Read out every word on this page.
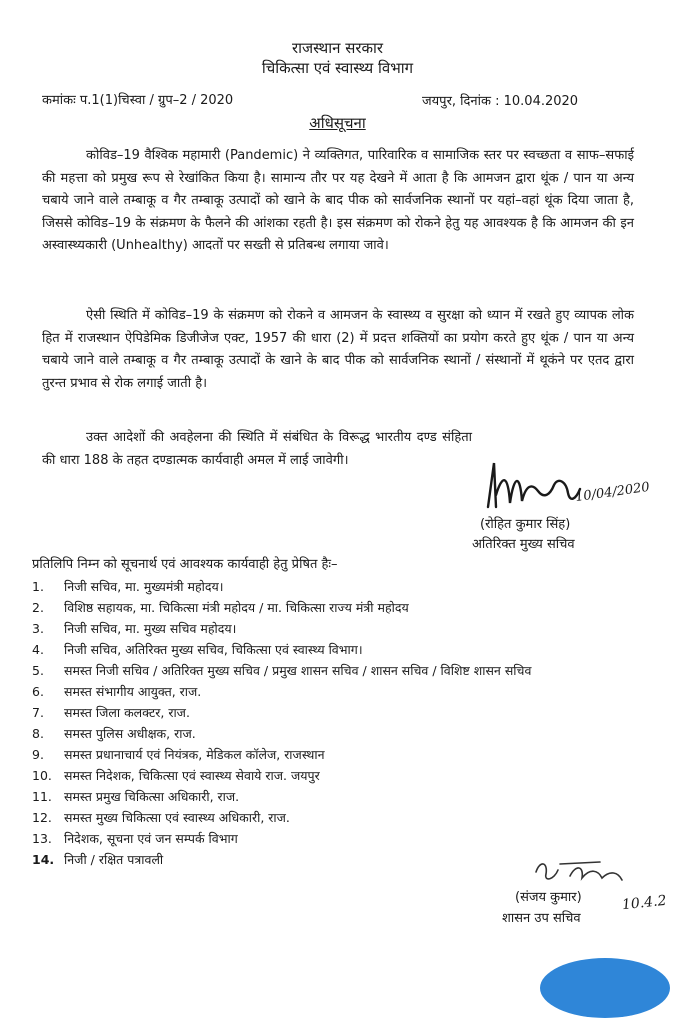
राजस्थान सरकार
चिकित्सा एवं स्वास्थ्य विभाग
कमांकः प.1(1)चिस्वा / ग्रुप–2 / 2020	जयपुर, दिनांक : 10.04.2020
अधिसूचना
कोविड–19 वैश्विक महामारी (Pandemic) ने व्यक्तिगत, पारिवारिक व सामाजिक स्तर पर स्वच्छता व साफ–सफाई की महत्ता को प्रमुख रूप से रेखांकित किया है। सामान्य तौर पर यह देखने में आता है कि आमजन द्वारा थूंक / पान या अन्य चबाये जाने वाले तम्बाकू व गैर तम्बाकू उत्पादों को खाने के बाद पीक को सार्वजनिक स्थानों पर यहां–वहां थूंक दिया जाता है, जिससे कोविड–19 के संक्रमण के फैलने की आंशका रहती है। इस संक्रमण को रोकने हेतु यह आवश्यक है कि आमजन की इन अस्वास्थ्यकारी (Unhealthy) आदतों पर सख्ती से प्रतिबन्ध लगाया जावे।
ऐसी स्थिति में कोविड–19 के संक्रमण को रोकने व आमजन के स्वास्थ्य व सुरक्षा को ध्यान में रखते हुए व्यापक लोक हित में राजस्थान ऐपिडेमिक डिजीजेज एक्ट, 1957 की धारा (2) में प्रदत्त शक्तियों का प्रयोग करते हुए थूंक / पान या अन्य चबाये जाने वाले तम्बाकू व गैर तम्बाकू उत्पादों के खाने के बाद पीक को सार्वजनिक स्थानों / संस्थानों में थूकंने पर एतद द्वारा तुरन्त प्रभाव से रोक लगाई जाती है।
उक्त आदेशों की अवहेलना की स्थिति में संबंधित के विरूद्ध भारतीय दण्ड संहिता की धारा 188 के तहत दण्डात्मक कार्यवाही अमल में लाई जावेगी।
10/04/2020
(रोहित कुमार सिंह)
अतिरिक्त मुख्य सचिव
प्रतिलिपि निम्न को सूचनार्थ एवं आवश्यक कार्यवाही हेतु प्रेषित हैः–
1.	निजी सचिव, मा. मुख्यमंत्री महोदय।
2.	विशिष्ठ सहायक, मा. चिकित्सा मंत्री महोदय / मा. चिकित्सा राज्य मंत्री महोदय
3.	निजी सचिव, मा. मुख्य सचिव महोदय।
4.	निजी सचिव, अतिरिक्त मुख्य सचिव, चिकित्सा एवं स्वास्थ्य विभाग।
5.	समस्त निजी सचिव / अतिरिक्त मुख्य सचिव / प्रमुख शासन सचिव / शासन सचिव / विशिष्ट शासन सचिव
6.	समस्त संभागीय आयुक्त, राज.
7.	समस्त जिला कलक्टर, राज.
8.	समस्त पुलिस अधीक्षक, राज.
9.	समस्त प्रधानाचार्य एवं नियंत्रक, मेडिकल कॉलेज, राजस्थान
10. समस्त निदेशक, चिकित्सा एवं स्वास्थ्य सेवाये राज. जयपुर
11. समस्त प्रमुख चिकित्सा अधिकारी, राज.
12. समस्त मुख्य चिकित्सा एवं स्वास्थ्य अधिकारी, राज.
13. निदेशक, सूचना एवं जन सम्पर्क विभाग
14. निजी / रक्षित पत्रावली
10.4.2
(संजय कुमार)
शासन उप सचिव
